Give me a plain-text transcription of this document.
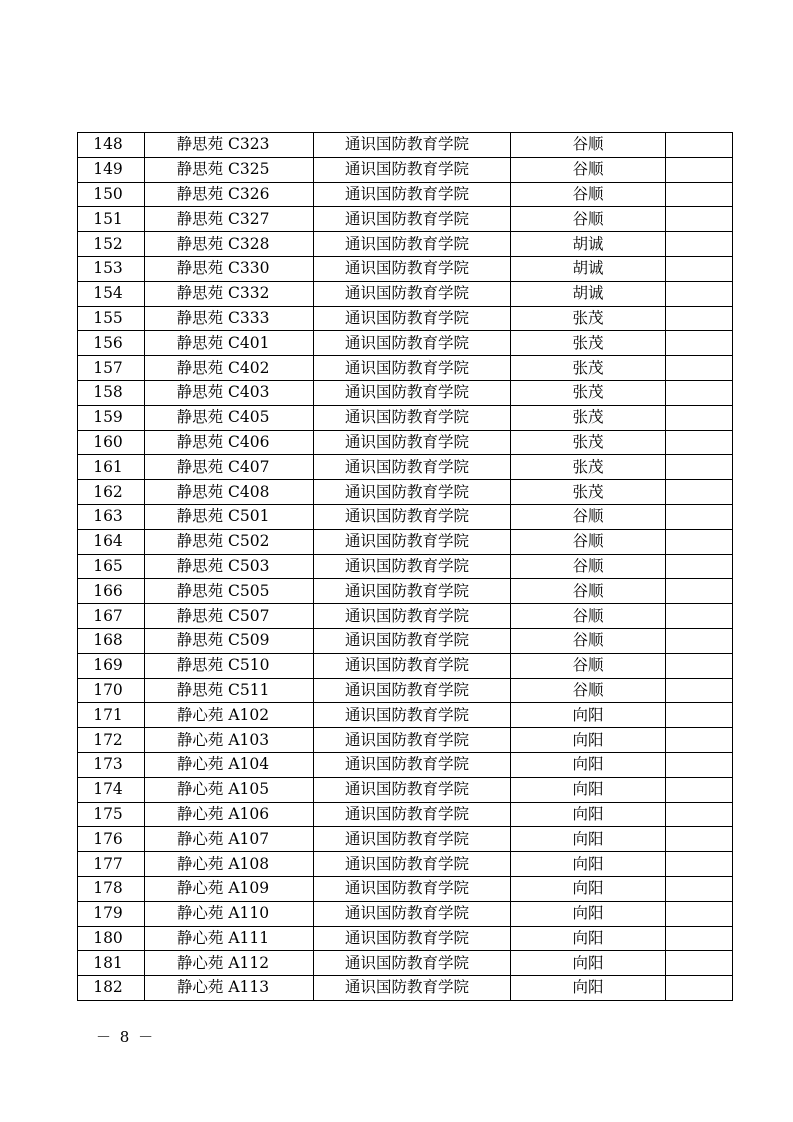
148	静思苑 C323	通识国防教育学院	谷顺	
149	静思苑 C325	通识国防教育学院	谷顺	
150	静思苑 C326	通识国防教育学院	谷顺	
151	静思苑 C327	通识国防教育学院	谷顺	
152	静思苑 C328	通识国防教育学院	胡诚	
153	静思苑 C330	通识国防教育学院	胡诚	
154	静思苑 C332	通识国防教育学院	胡诚	
155	静思苑 C333	通识国防教育学院	张茂	
156	静思苑 C401	通识国防教育学院	张茂	
157	静思苑 C402	通识国防教育学院	张茂	
158	静思苑 C403	通识国防教育学院	张茂	
159	静思苑 C405	通识国防教育学院	张茂	
160	静思苑 C406	通识国防教育学院	张茂	
161	静思苑 C407	通识国防教育学院	张茂	
162	静思苑 C408	通识国防教育学院	张茂	
163	静思苑 C501	通识国防教育学院	谷顺	
164	静思苑 C502	通识国防教育学院	谷顺	
165	静思苑 C503	通识国防教育学院	谷顺	
166	静思苑 C505	通识国防教育学院	谷顺	
167	静思苑 C507	通识国防教育学院	谷顺	
168	静思苑 C509	通识国防教育学院	谷顺	
169	静思苑 C510	通识国防教育学院	谷顺	
170	静思苑 C511	通识国防教育学院	谷顺	
171	静心苑 A102	通识国防教育学院	向阳	
172	静心苑 A103	通识国防教育学院	向阳	
173	静心苑 A104	通识国防教育学院	向阳	
174	静心苑 A105	通识国防教育学院	向阳	
175	静心苑 A106	通识国防教育学院	向阳	
176	静心苑 A107	通识国防教育学院	向阳	
177	静心苑 A108	通识国防教育学院	向阳	
178	静心苑 A109	通识国防教育学院	向阳	
179	静心苑 A110	通识国防教育学院	向阳	
180	静心苑 A111	通识国防教育学院	向阳	
181	静心苑 A112	通识国防教育学院	向阳	
182	静心苑 A113	通识国防教育学院	向阳	
－ 8 －
